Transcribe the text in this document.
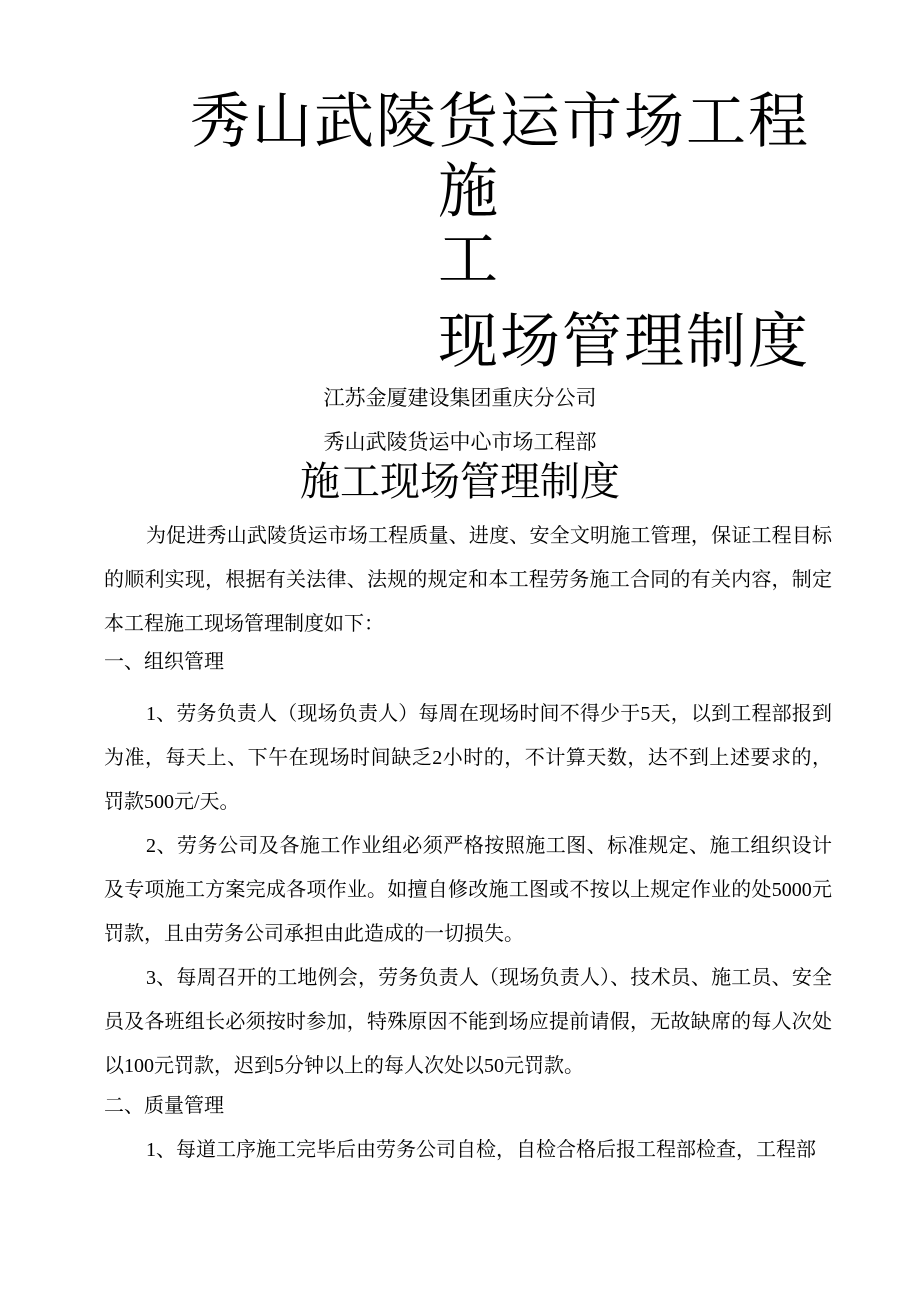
秀山武陵货运市场工程
施
工
现场管理制度
江苏金厦建设集团重庆分公司
秀山武陵货运中心市场工程部
施工现场管理制度
为促进秀山武陵货运市场工程质量、进度、安全文明施工管理，保证工程目标的顺利实现，根据有关法律、法规的规定和本工程劳务施工合同的有关内容，制定本工程施工现场管理制度如下：
一、组织管理
1、劳务负责人（现场负责人）每周在现场时间不得少于5天，以到工程部报到为准，每天上、下午在现场时间缺乏2小时的，不计算天数，达不到上述要求的，罚款500元/天。
2、劳务公司及各施工作业组必须严格按照施工图、标准规定、施工组织设计及专项施工方案完成各项作业。如擅自修改施工图或不按以上规定作业的处5000元罚款，且由劳务公司承担由此造成的一切损失。
3、每周召开的工地例会，劳务负责人（现场负责人）、技术员、施工员、安全员及各班组长必须按时参加，特殊原因不能到场应提前请假，无故缺席的每人次处以100元罚款，迟到5分钟以上的每人次处以50元罚款。
二、质量管理
1、每道工序施工完毕后由劳务公司自检，自检合格后报工程部检查，工程部
